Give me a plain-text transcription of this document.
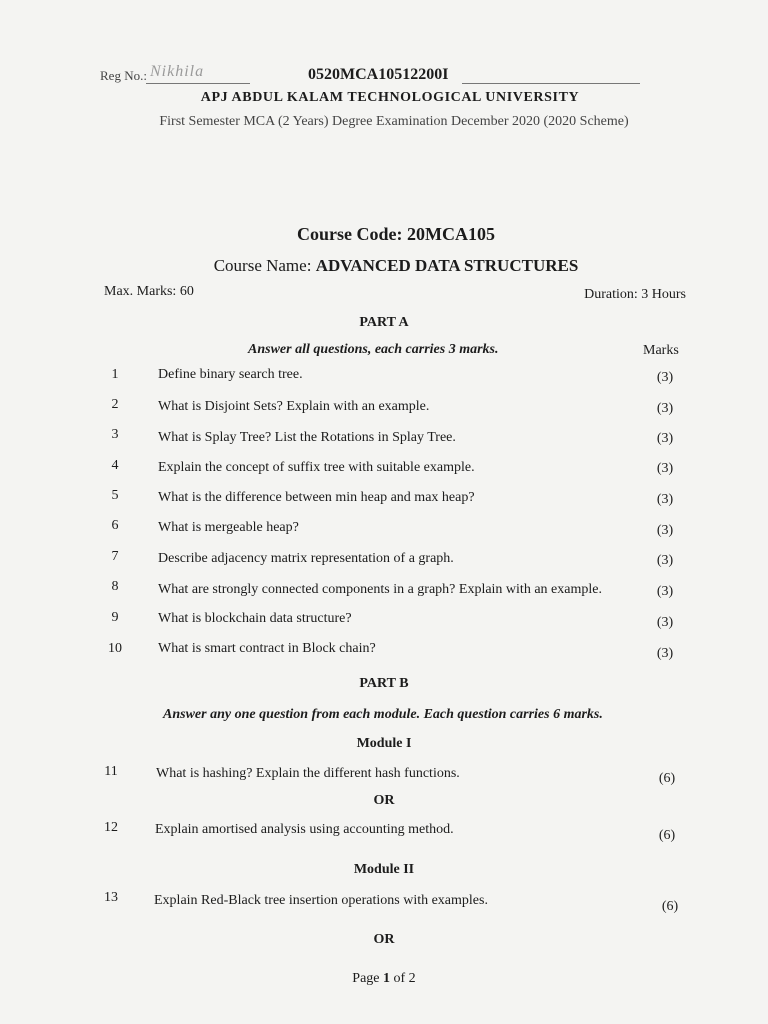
Reg No.: Nikhila	0520MCA10512200I
APJ ABDUL KALAM TECHNOLOGICAL UNIVERSITY
First Semester MCA (2 Years) Degree Examination December 2020 (2020 Scheme)
Course Code: 20MCA105
Course Name: ADVANCED DATA STRUCTURES
Max. Marks: 60	Duration: 3 Hours
PART A
Answer all questions, each carries 3 marks.	Marks
1	Define binary search tree.	(3)
2	What is Disjoint Sets? Explain with an example.	(3)
3	What is Splay Tree? List the Rotations in Splay Tree.	(3)
4	Explain the concept of suffix tree with suitable example.	(3)
5	What is the difference between min heap and max heap?	(3)
6	What is mergeable heap?	(3)
7	Describe adjacency matrix representation of a graph.	(3)
8	What are strongly connected components in a graph? Explain with an example.	(3)
9	What is blockchain data structure?	(3)
10	What is smart contract in Block chain?	(3)
PART B
Answer any one question from each module. Each question carries 6 marks.
Module I
11	What is hashing? Explain the different hash functions.	(6)
OR
12	Explain amortised analysis using accounting method.	(6)
Module II
13	Explain Red-Black tree insertion operations with examples.	(6)
OR
Page 1 of 2
